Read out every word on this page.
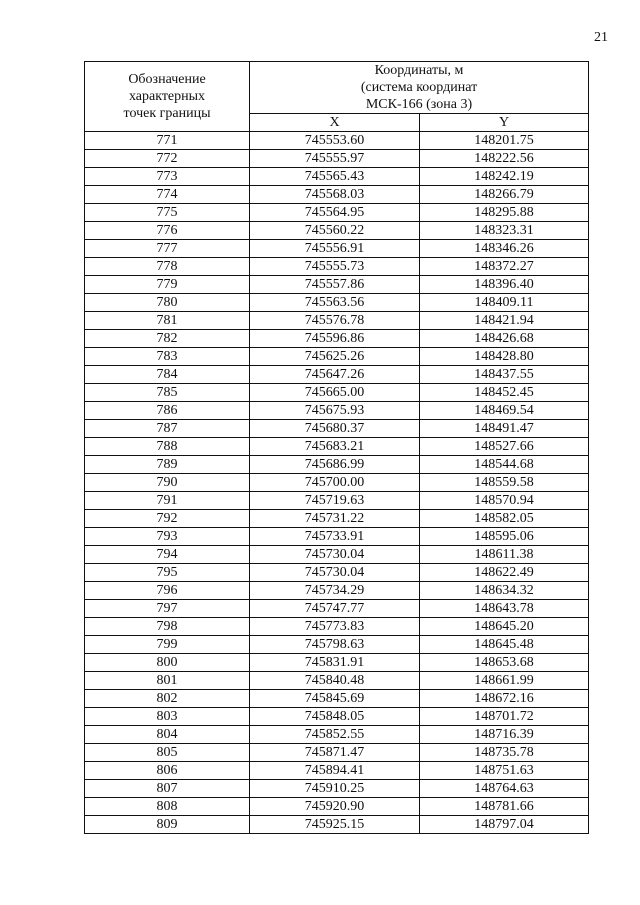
21
Обозначение
характерных
точек границы	Координаты, м
(система координат
МСК-166 (зона 3)	

	X	Y
771	745553.60	148201.75
772	745555.97	148222.56
773	745565.43	148242.19
774	745568.03	148266.79
775	745564.95	148295.88
776	745560.22	148323.31
777	745556.91	148346.26
778	745555.73	148372.27
779	745557.86	148396.40
780	745563.56	148409.11
781	745576.78	148421.94
782	745596.86	148426.68
783	745625.26	148428.80
784	745647.26	148437.55
785	745665.00	148452.45
786	745675.93	148469.54
787	745680.37	148491.47
788	745683.21	148527.66
789	745686.99	148544.68
790	745700.00	148559.58
791	745719.63	148570.94
792	745731.22	148582.05
793	745733.91	148595.06
794	745730.04	148611.38
795	745730.04	148622.49
796	745734.29	148634.32
797	745747.77	148643.78
798	745773.83	148645.20
799	745798.63	148645.48
800	745831.91	148653.68
801	745840.48	148661.99
802	745845.69	148672.16
803	745848.05	148701.72
804	745852.55	148716.39
805	745871.47	148735.78
806	745894.41	148751.63
807	745910.25	148764.63
808	745920.90	148781.66
809	745925.15	148797.04
